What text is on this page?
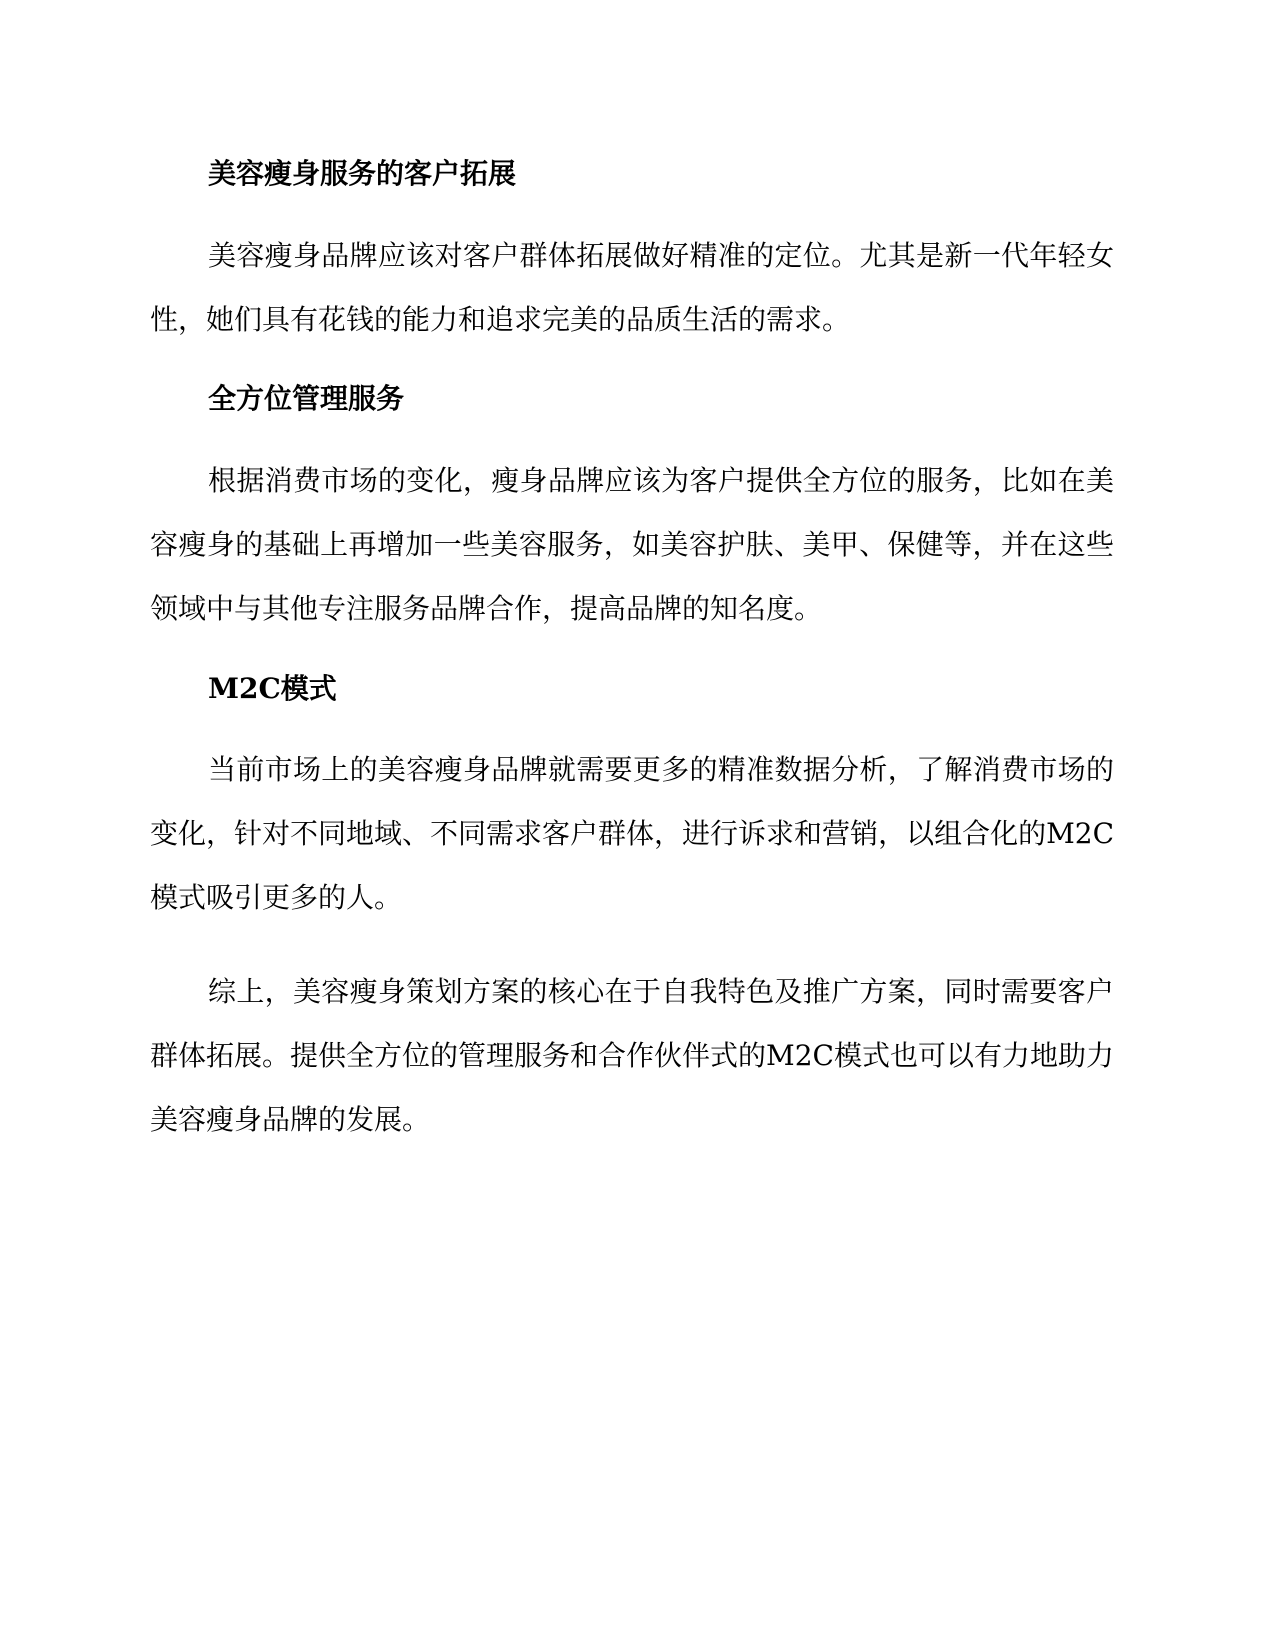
美容瘦身服务的客户拓展

美容瘦身品牌应该对客户群体拓展做好精准的定位。尤其是新一代年轻女性，她们具有花钱的能力和追求完美的品质生活的需求。

全方位管理服务

根据消费市场的变化，瘦身品牌应该为客户提供全方位的服务，比如在美容瘦身的基础上再增加一些美容服务，如美容护肤、美甲、保健等，并在这些领域中与其他专注服务品牌合作，提高品牌的知名度。

M2C模式

当前市场上的美容瘦身品牌就需要更多的精准数据分析，了解消费市场的变化，针对不同地域、不同需求客户群体，进行诉求和营销，以组合化的M2C模式吸引更多的人。

综上，美容瘦身策划方案的核心在于自我特色及推广方案，同时需要客户群体拓展。提供全方位的管理服务和合作伙伴式的M2C模式也可以有力地助力美容瘦身品牌的发展。
